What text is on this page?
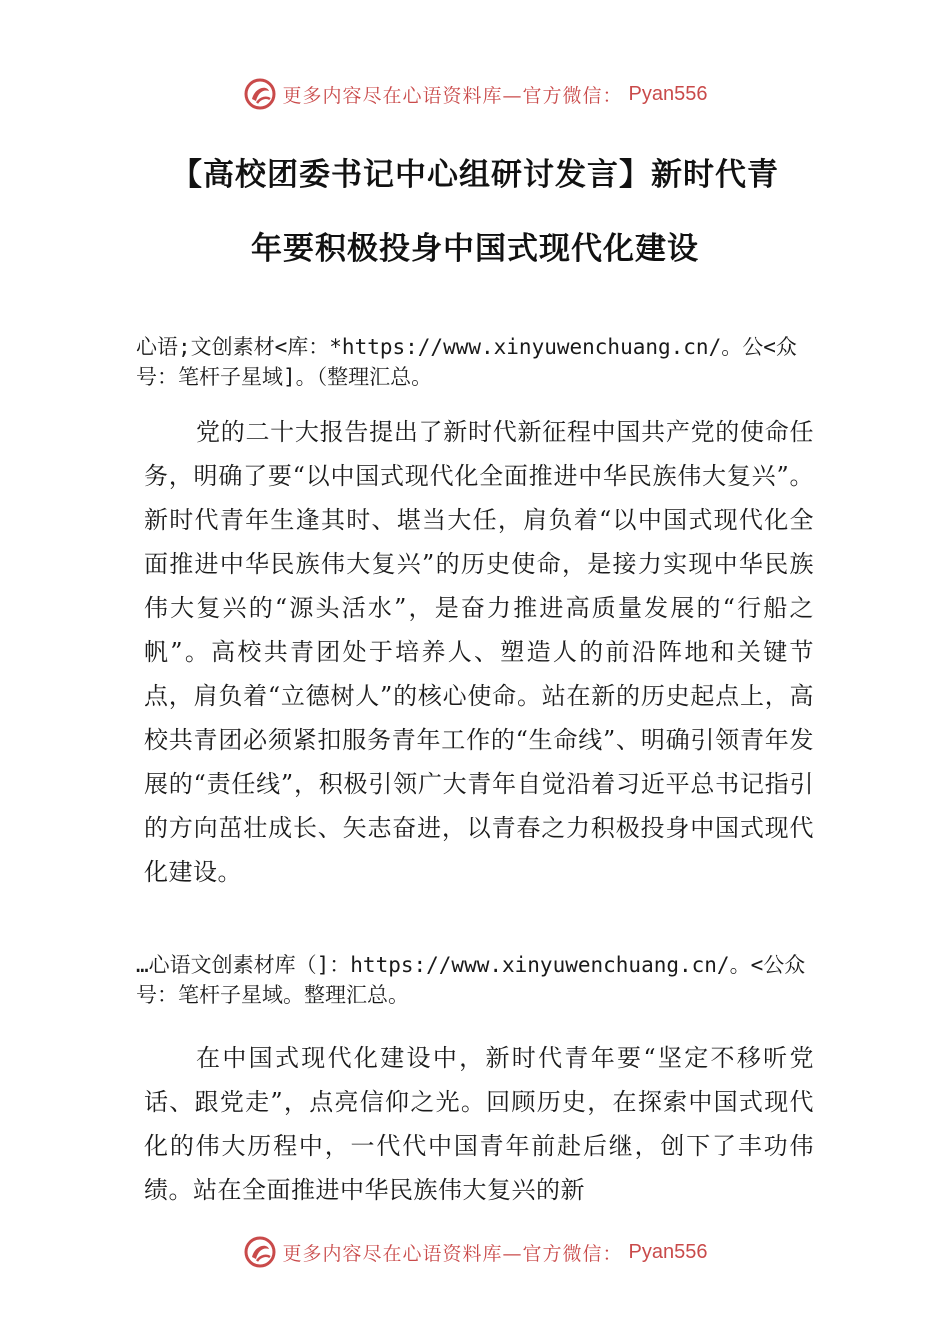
更多内容尽在心语资料库—官方微信： Pyan556
【高校团委书记中心组研讨发言】新时代青
年要积极投身中国式现代化建设

心语;文创素材<库：*https://www.xinyuwenchuang.cn/。公<众号：笔杆子星域]。（整理汇总。

党的二十大报告提出了新时代新征程中国共产党的使命任务，明确了要“以中国式现代化全面推进中华民族伟大复兴”。新时代青年生逢其时、堪当大任，肩负着“以中国式现代化全面推进中华民族伟大复兴”的历史使命，是接力实现中华民族伟大复兴的“源头活水”，是奋力推进高质量发展的“行船之帆”。高校共青团处于培养人、塑造人的前沿阵地和关键节点，肩负着“立德树人”的核心使命。站在新的历史起点上，高校共青团必须紧扣服务青年工作的“生命线”、明确引领青年发展的“责任线”，积极引领广大青年自觉沿着习近平总书记指引的方向茁壮成长、矢志奋进，以青春之力积极投身中国式现代化建设。

…心语文创素材库（]：https://www.xinyuwenchuang.cn/。<公众号：笔杆子星域。整理汇总。

在中国式现代化建设中，新时代青年要“坚定不移听党话、跟党走”，点亮信仰之光。回顾历史，在探索中国式现代化的伟大历程中，一代代中国青年前赴后继，创下了丰功伟绩。站在全面推进中华民族伟大复兴的新

更多内容尽在心语资料库—官方微信： Pyan556
